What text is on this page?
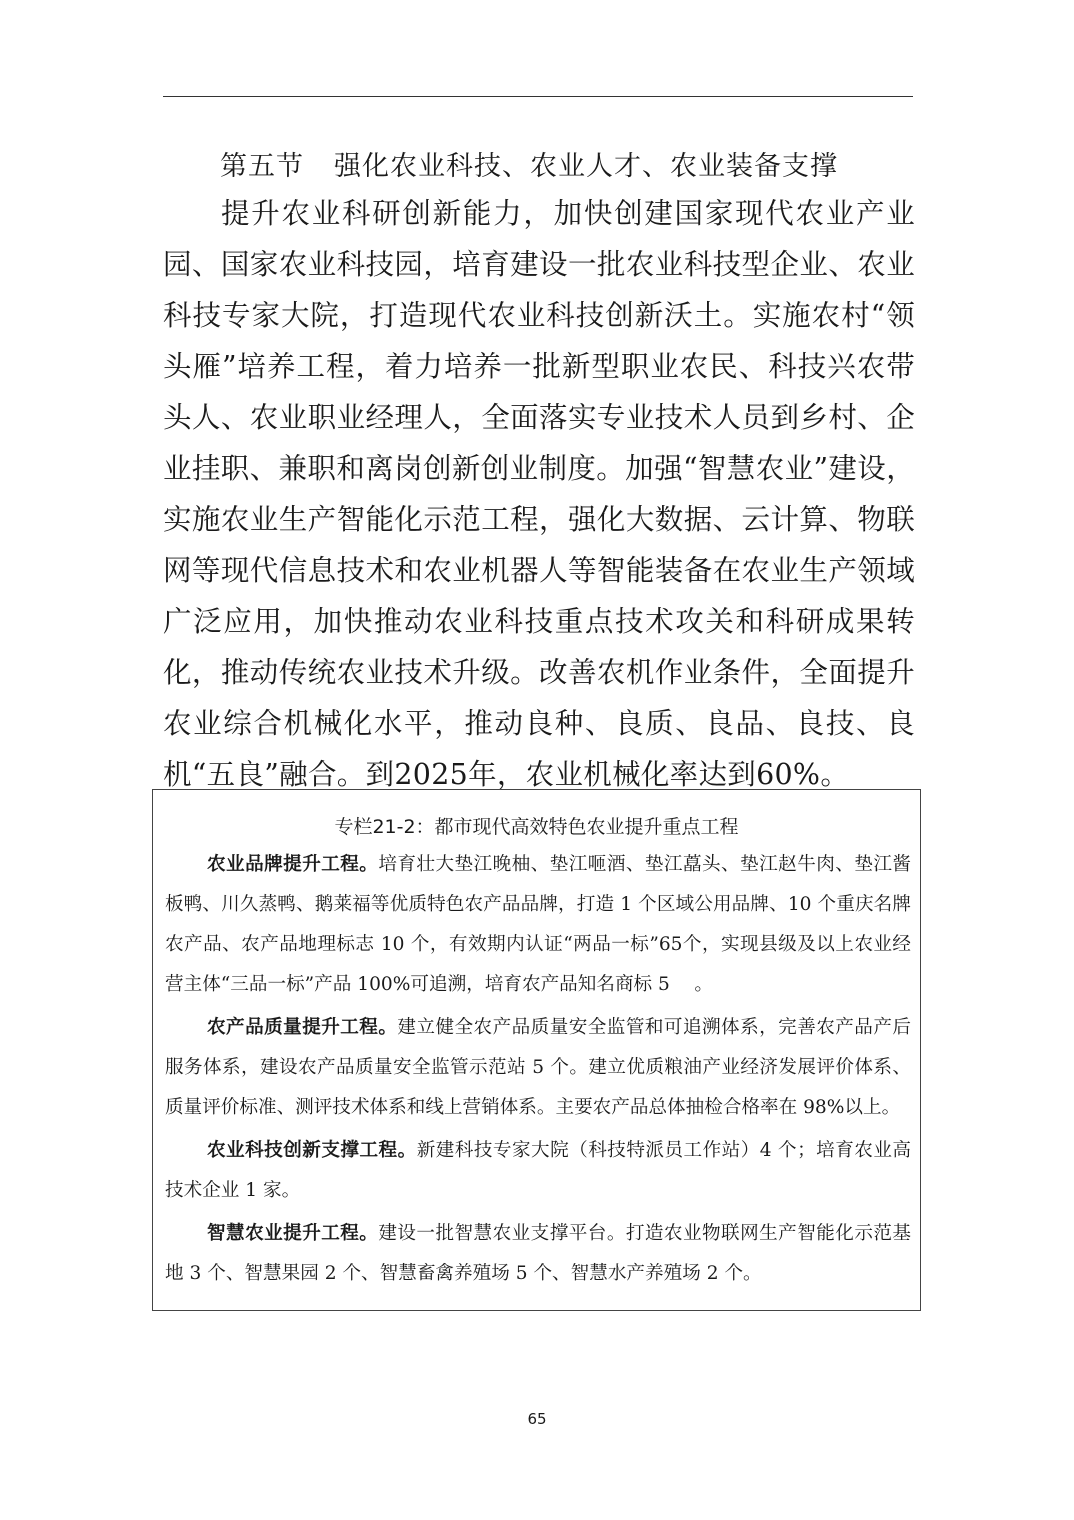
第五节 强化农业科技、农业人才、农业装备支撑
提升农业科研创新能力，加快创建国家现代农业产业园、国家农业科技园，培育建设一批农业科技型企业、农业科技专家大院，打造现代农业科技创新沃土。实施农村“领头雁”培养工程，着力培养一批新型职业农民、科技兴农带头人、农业职业经理人，全面落实专业技术人员到乡村、企业挂职、兼职和离岗创新创业制度。加强“智慧农业”建设，实施农业生产智能化示范工程，强化大数据、云计算、物联网等现代信息技术和农业机器人等智能装备在农业生产领域广泛应用，加快推动农业科技重点技术攻关和科研成果转化，推动传统农业技术升级。改善农机作业条件，全面提升农业综合机械化水平，推动良种、良质、良品、良技、良机“五良”融合。到2025年，农业机械化率达到60%。
专栏21-2：都市现代高效特色农业提升重点工程

农业品牌提升工程。培育壮大垫江晚柚、垫江咂酒、垫江藠头、垫江赵牛肉、垫江酱板鸭、川久蒸鸭、鹅莱福等优质特色农产品品牌，打造 1 个区域公用品牌、10 个重庆名牌农产品、农产品地理标志 10 个，有效期内认证“两品一标”65个，实现县级及以上农业经营主体“三品一标”产品 100%可追溯，培育农产品知名商标 5　 。

农产品质量提升工程。建立健全农产品质量安全监管和可追溯体系，完善农产品产后服务体系，建设农产品质量安全监管示范站 5 个。建立优质粮油产业经济发展评价体系、质量评价标准、测评技术体系和线上营销体系。主要农产品总体抽检合格率在 98%以上。

农业科技创新支撑工程。新建科技专家大院（科技特派员工作站）4 个；培育农业高技术企业 1 家。

智慧农业提升工程。建设一批智慧农业支撑平台。打造农业物联网生产智能化示范基地 3 个、智慧果园 2 个、智慧畜禽养殖场 5 个、智慧水产养殖场 2 个。

65
